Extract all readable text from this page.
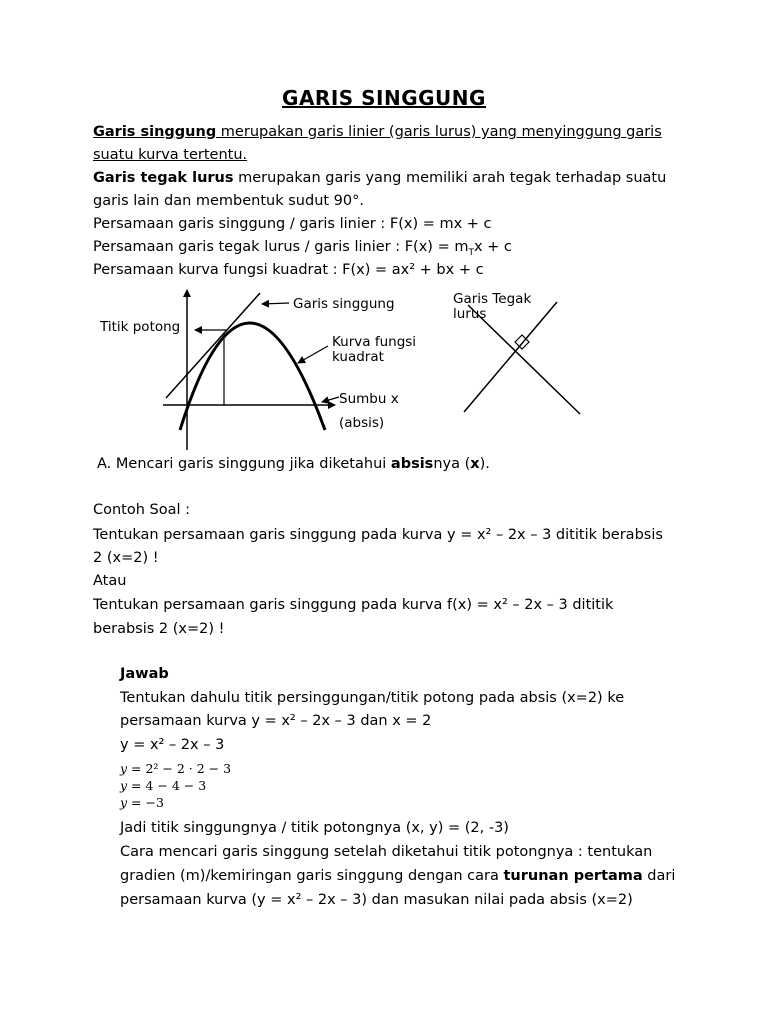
GARIS SINGGUNG
Garis singgung merupakan garis linier (garis lurus) yang menyinggung garis
suatu kurva tertentu.
Garis tegak lurus merupakan garis yang memiliki arah tegak terhadap suatu
garis lain dan membentuk sudut 90°.
Persamaan garis singgung / garis linier : F(x) = mx + c
Persamaan garis tegak lurus / garis linier : $F(x) = m_Tx + c$
Persamaan kurva fungsi kuadrat : F(x) = ax² + bx + c
Garis singgung
Titik potong
Kurva fungsi
kuadrat
Sumbu x
(absis)
Garis Tegak
lurus
A. Mencari garis singgung jika diketahui absisnya (x).
Contoh Soal :
Tentukan persamaan garis singgung pada kurva y = x² – 2x – 3 dititik berabsis
2 (x=2) !
Atau
Tentukan persamaan garis singgung pada kurva f(x) = x² – 2x – 3 dititik
berabsis 2 (x=2) !
Jawab
Tentukan dahulu titik persinggungan/titik potong pada absis (x=2) ke
persamaan kurva y = x² – 2x – 3 dan x = 2
y = x² – 2x – 3
y = 2² − 2 · 2 − 3
y = 4 − 4 − 3
y = −3
Jadi titik singgungnya / titik potongnya (x, y) = (2, -3)
Cara mencari garis singgung setelah diketahui titik potongnya : tentukan
gradien (m)/kemiringan garis singgung dengan cara turunan pertama dari
persamaan kurva (y = x² – 2x – 3) dan masukan nilai pada absis (x=2)
